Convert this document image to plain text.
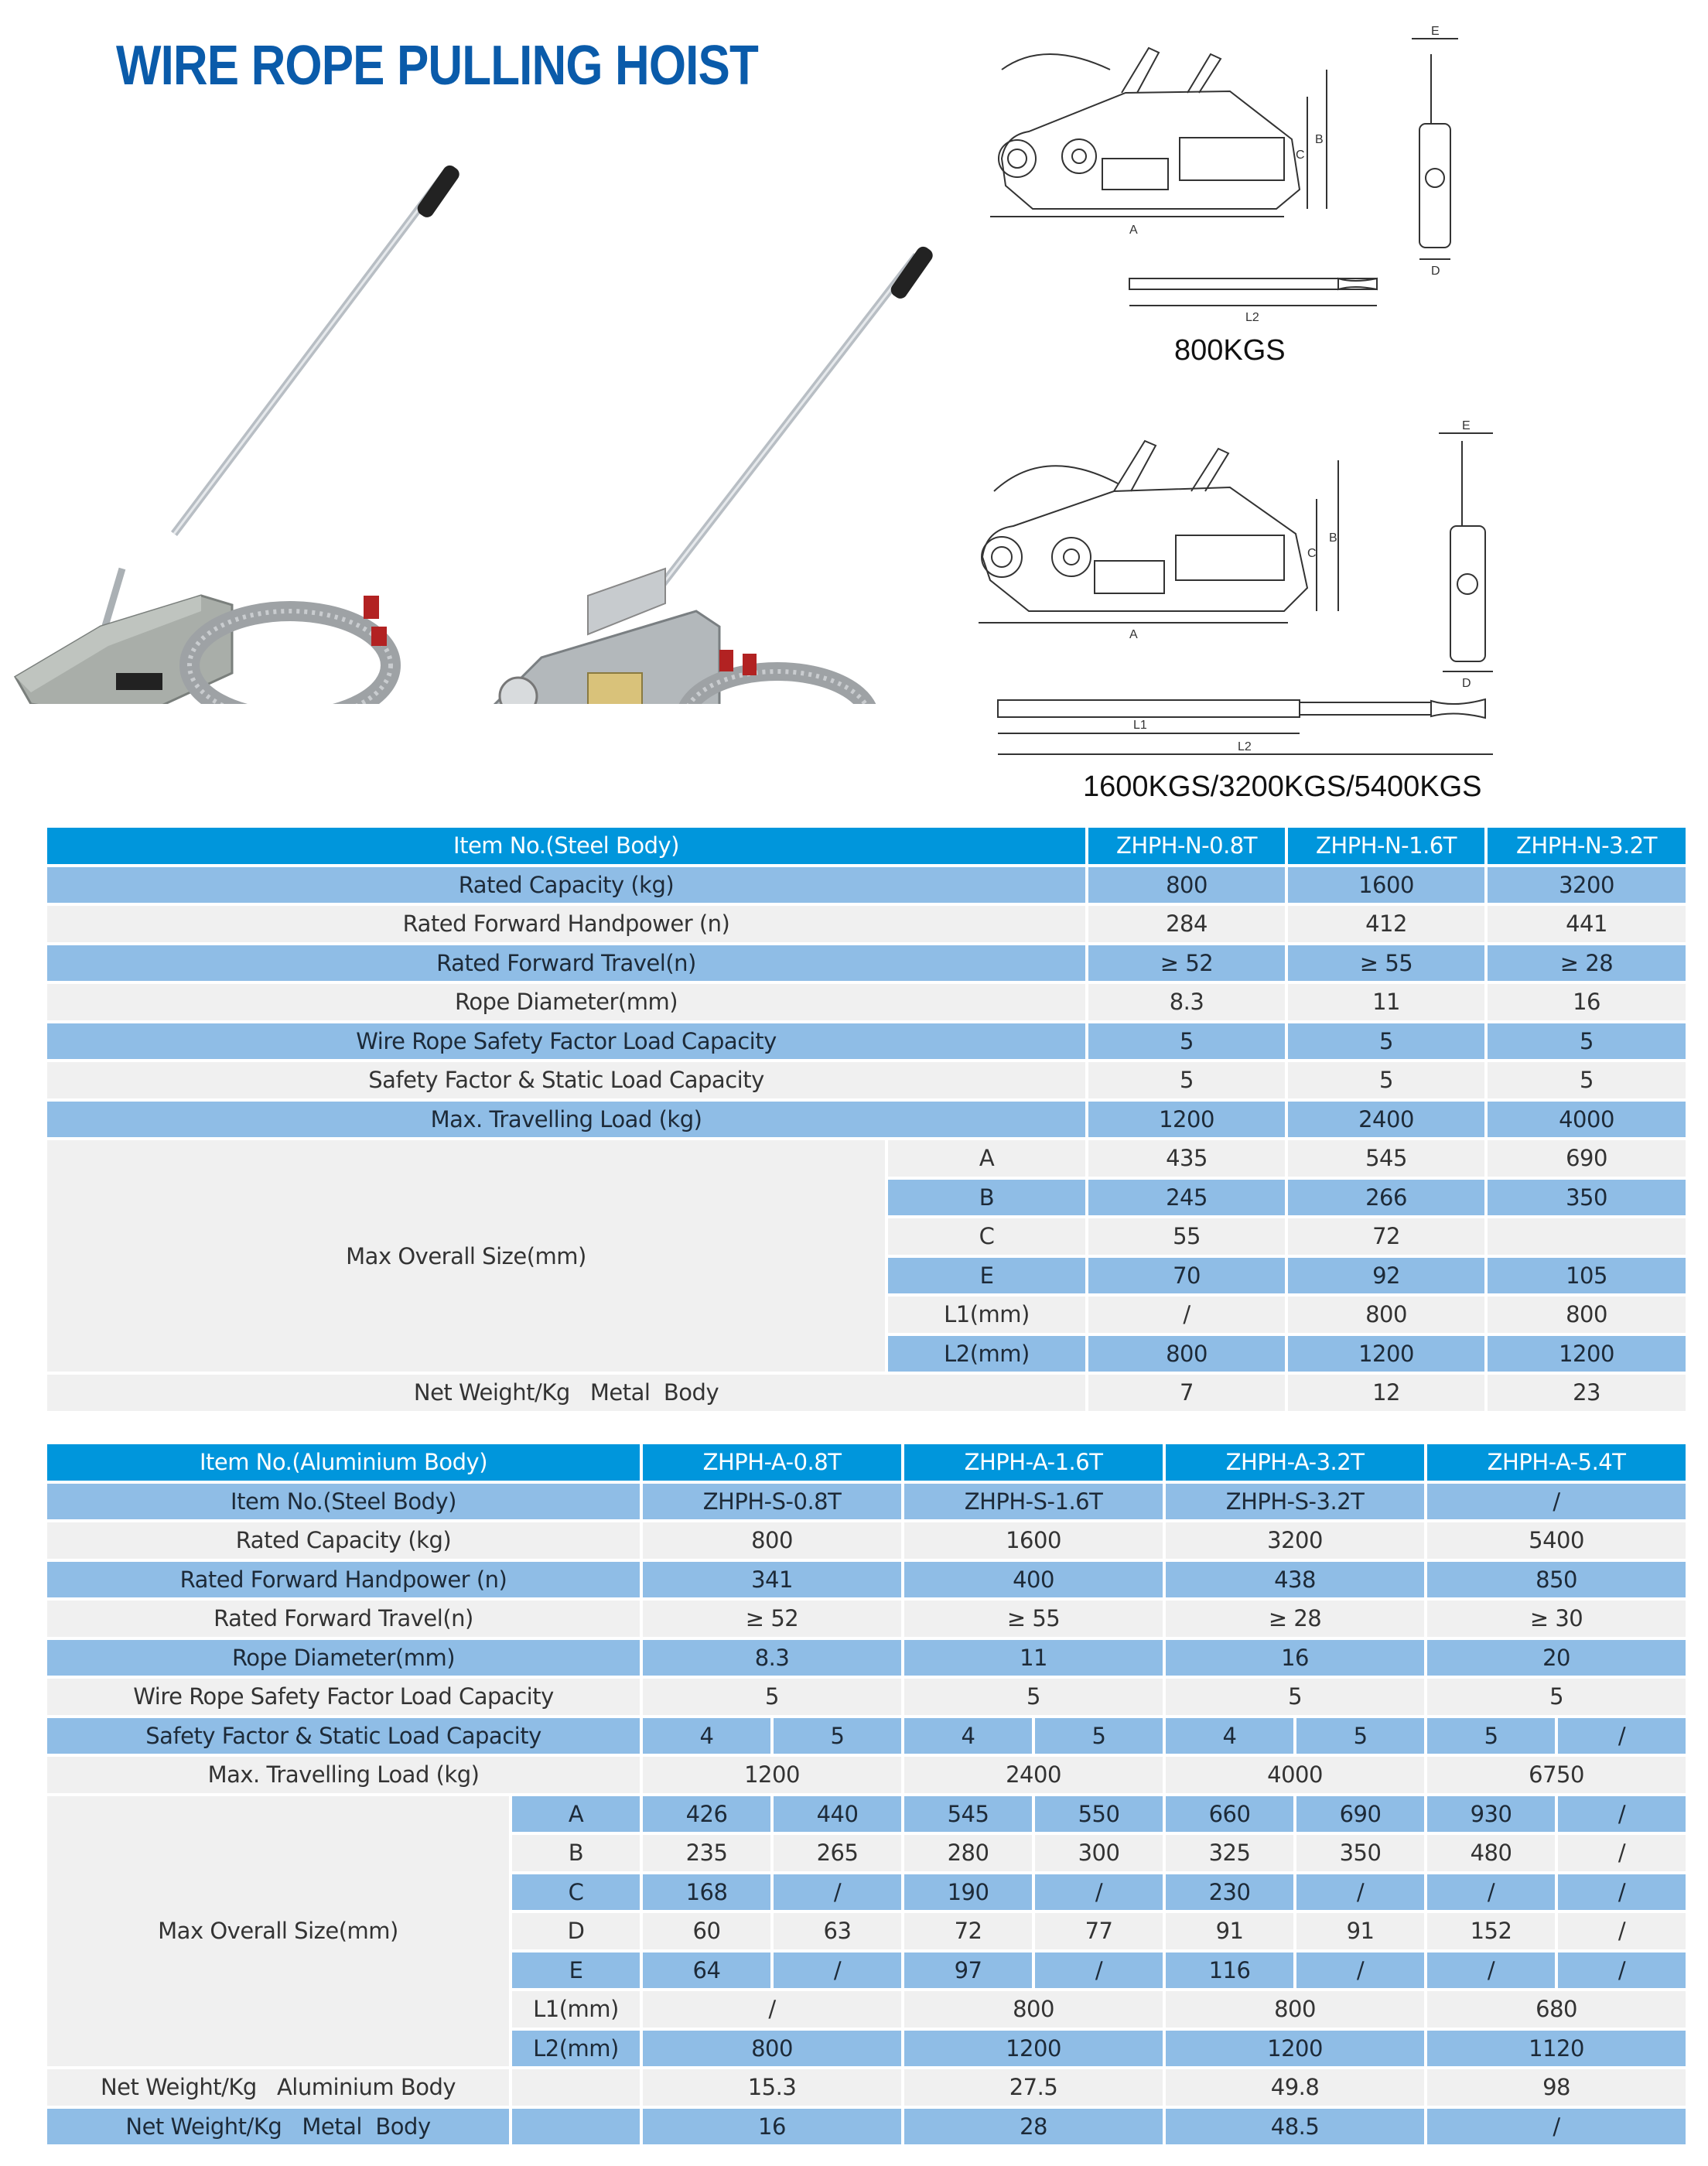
WIRE ROPE PULLING HOIST
A
B
C
E
D
L2
800KGS
A
B
C
E
D
L1
L2
1600KGS/3200KGS/5400KGS
Item No.(Steel Body)		ZHPH-N-0.8T	ZHPH-N-1.6T	ZHPH-N-3.2T
Rated Capacity (kg)		800	1600	3200
Rated Forward Handpower (n)		284	412	441
Rated Forward Travel(n)		≥ 52	≥ 55	≥ 28
Rope Diameter(mm)		8.3	11	16
Wire Rope Safety Factor Load Capacity		5	5	5
Safety Factor & Static Load Capacity		5	5	5
Max. Travelling Load (kg)		1200	2400	4000
Max Overall Size(mm)	A	435	545	690
	B	245	266	350
	C	55	72	
	E	70	92	105
	L1(mm)	/	800	800
	L2(mm)	800	1200	1200
Net Weight/Kg   Metal  Body		7	12	23
Item No.(Aluminium Body)		ZHPH-A-0.8T		ZHPH-A-1.6T		ZHPH-A-3.2T		ZHPH-A-5.4T	
Item No.(Steel Body)		ZHPH-S-0.8T		ZHPH-S-1.6T		ZHPH-S-3.2T		/	
Rated Capacity (kg)		800		1600		3200		5400	
Rated Forward Handpower (n)		341		400		438		850	
Rated Forward Travel(n)		≥ 52		≥ 55		≥ 28		≥ 30	
Rope Diameter(mm)		8.3		11		16		20	
Wire Rope Safety Factor Load Capacity		5		5		5		5	
Safety Factor & Static Load Capacity		4	5	4	5	4	5	5	/
Max. Travelling Load (kg)		1200		2400		4000		6750	
Max Overall Size(mm)	A	426	440	545	550	660	690	930	/
	B	235	265	280	300	325	350	480	/
	C	168	/	190	/	230	/	/	/
	D	60	63	72	77	91	91	152	/
	E	64	/	97	/	116	/	/	/
	L1(mm)	/		800		800		680	
	L2(mm)	800		1200		1200		1120	
Net Weight/Kg   Aluminium Body		15.3		27.5		49.8		98	
Net Weight/Kg   Metal  Body		16		28		48.5		/	
